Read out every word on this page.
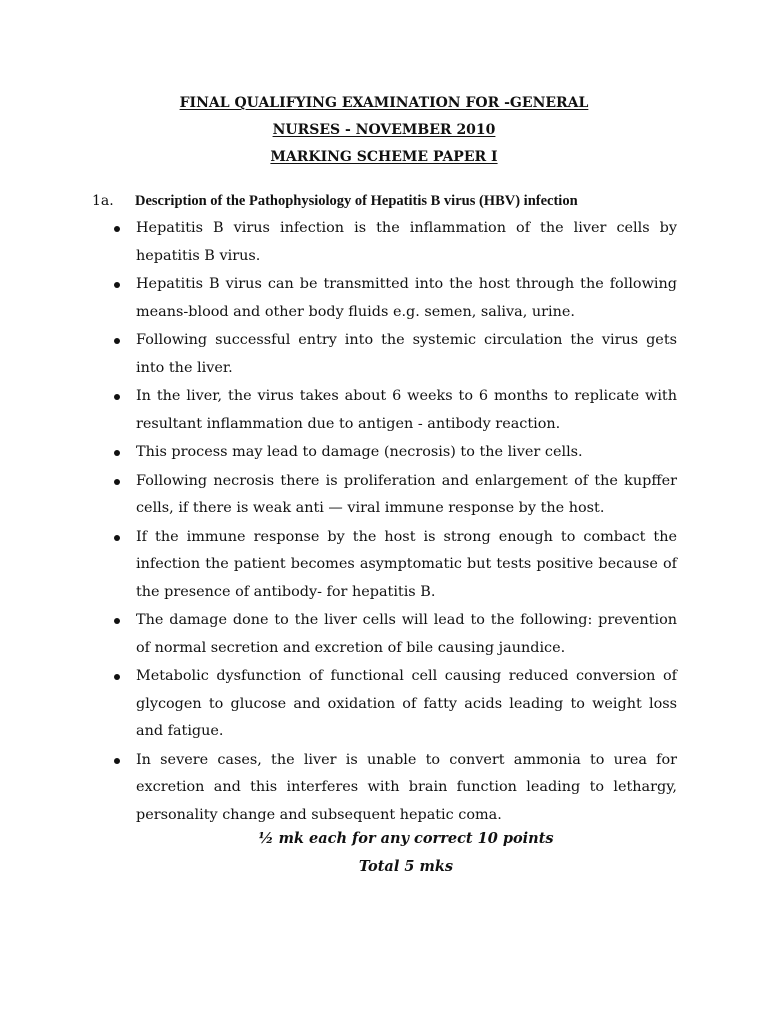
FINAL QUALIFYING EXAMINATION FOR -GENERAL
NURSES - NOVEMBER 2010
MARKING SCHEME PAPER I
1a. Description of the Pathophysiology of Hepatitis B virus (HBV) infection
Hepatitis B virus infection is the inflammation of the liver cells by hepatitis B virus.
Hepatitis B virus can be transmitted into the host through the following means-blood and other body fluids e.g. semen, saliva, urine.
Following successful entry into the systemic circulation the virus gets into the liver.
In the liver, the virus takes about 6 weeks to 6 months to replicate with resultant inflammation due to antigen - antibody reaction.
This process may lead to damage (necrosis) to the liver cells.
Following necrosis there is proliferation and enlargement of the kupffer cells, if there is weak anti — viral immune response by the host.
If the immune response by the host is strong enough to combact the infection the patient becomes asymptomatic but tests positive because of the presence of antibody- for hepatitis B.
The damage done to the liver cells will lead to the following: prevention of normal secretion and excretion of bile causing jaundice.
Metabolic dysfunction of functional cell causing reduced conversion of glycogen to glucose and oxidation of fatty acids leading to weight loss and fatigue.
In severe cases, the liver is unable to convert ammonia to urea for excretion and this interferes with brain function leading to lethargy, personality change and subsequent hepatic coma.
½ mk each for any correct 10 points
Total 5 mks
